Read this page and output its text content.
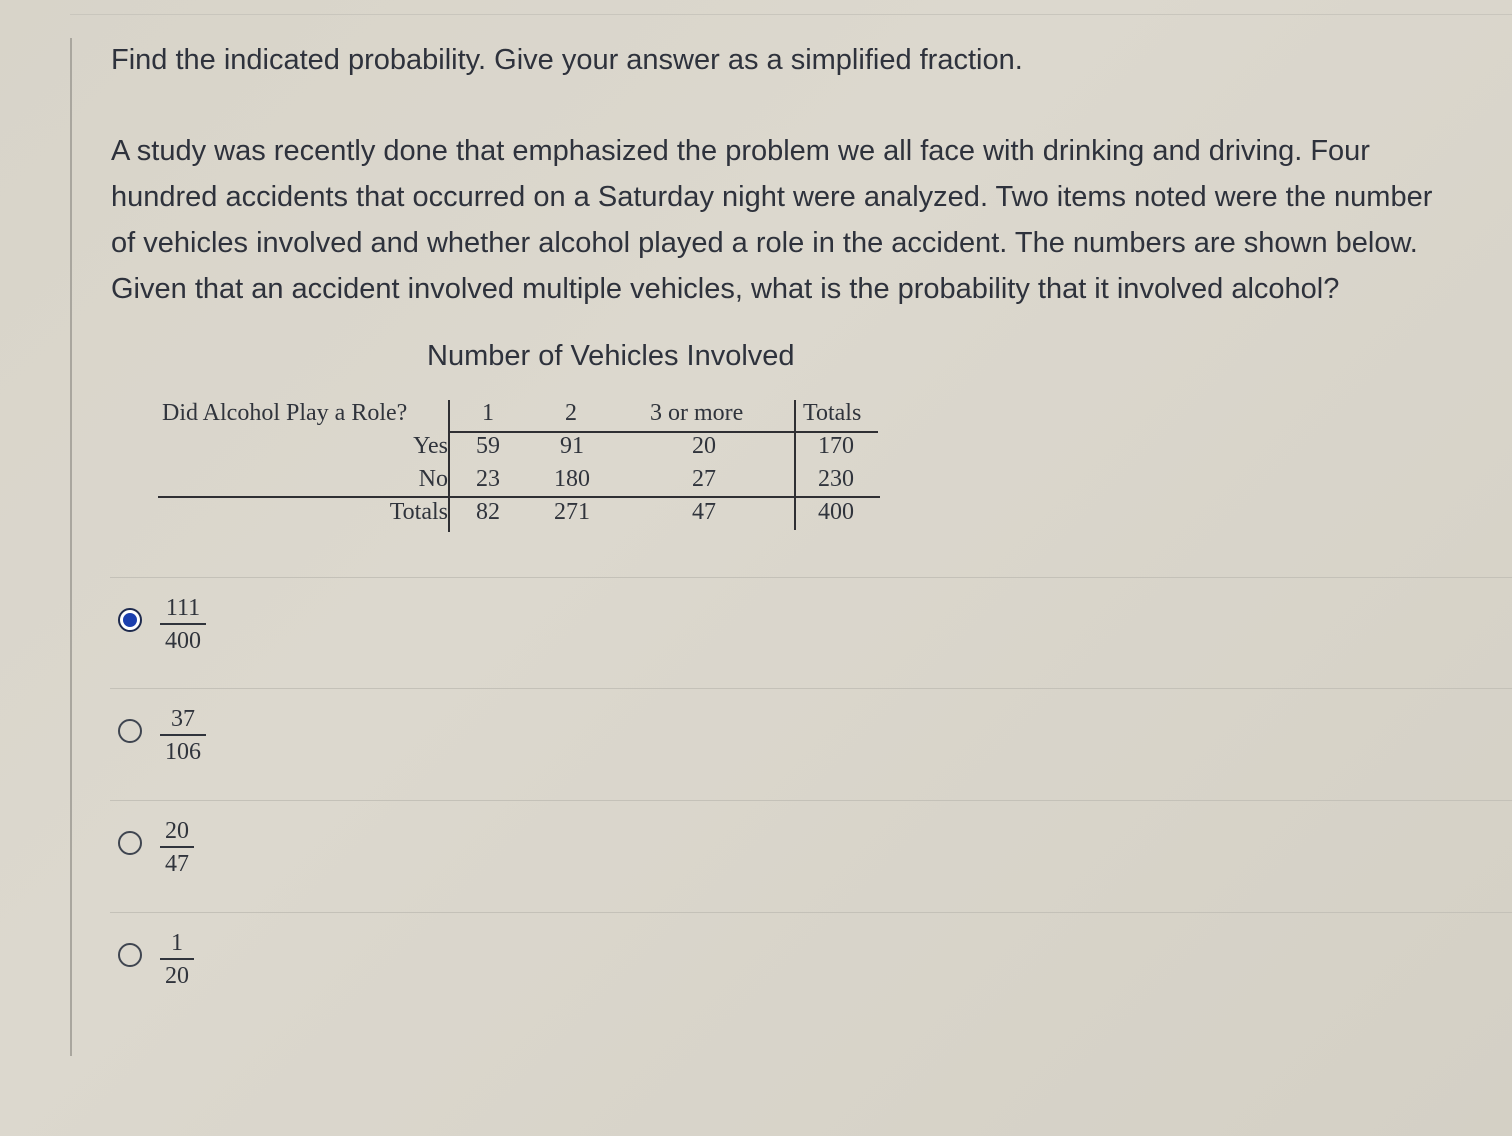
Find the indicated probability. Give your answer as a simplified fraction.
A study was recently done that emphasized the problem we all face with drinking and driving. Four
hundred accidents that occurred on a Saturday night were analyzed. Two items noted were the number
of vehicles involved and whether alcohol played a role in the accident. The numbers are shown below.
Given that an accident involved multiple vehicles, what is the probability that it involved alcohol?
Number of Vehicles Involved
Did Alcohol Play a Role?	1	2	3 or more Totals
Yes 59	91	20	170
No 23 180	27	230
Totals 82 271	47	400
111
400
37
106
20
47
1
20
